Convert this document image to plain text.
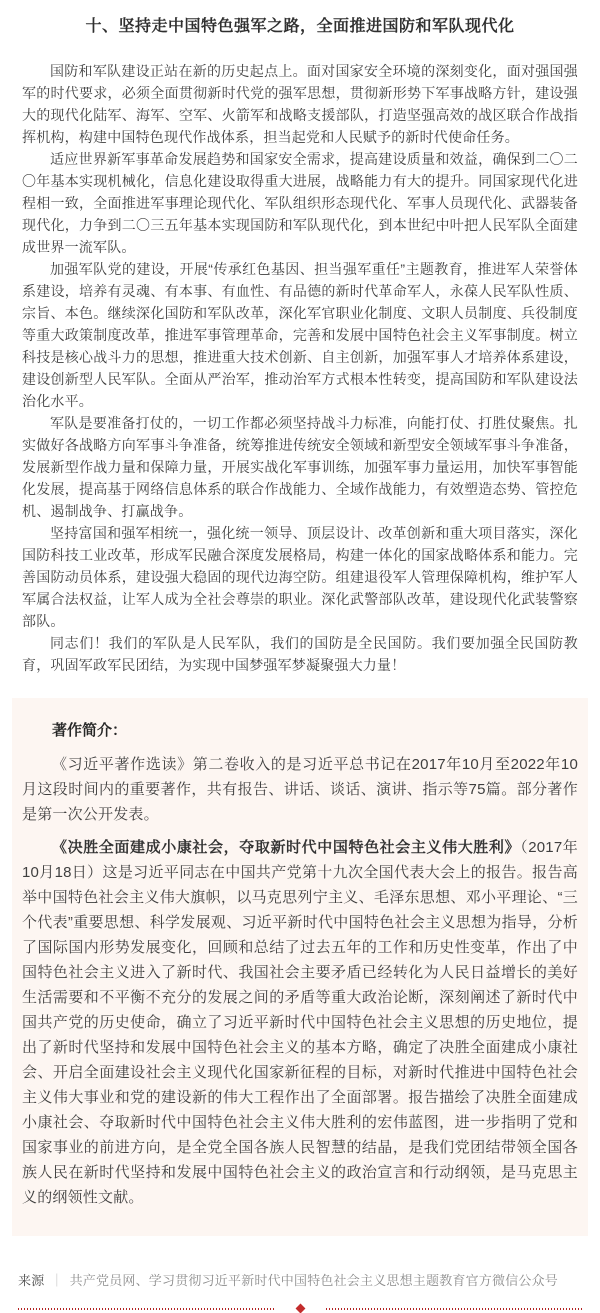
十、坚持走中国特色强军之路，全面推进国防和军队现代化

国防和军队建设正站在新的历史起点上。面对国家安全环境的深刻变化，面对强国强军的时代要求，必须全面贯彻新时代党的强军思想，贯彻新形势下军事战略方针，建设强大的现代化陆军、海军、空军、火箭军和战略支援部队，打造坚强高效的战区联合作战指挥机构，构建中国特色现代作战体系，担当起党和人民赋予的新时代使命任务。

适应世界新军事革命发展趋势和国家安全需求，提高建设质量和效益，确保到二〇二〇年基本实现机械化，信息化建设取得重大进展，战略能力有大的提升。同国家现代化进程相一致，全面推进军事理论现代化、军队组织形态现代化、军事人员现代化、武器装备现代化，力争到二〇三五年基本实现国防和军队现代化，到本世纪中叶把人民军队全面建成世界一流军队。

加强军队党的建设，开展“传承红色基因、担当强军重任”主题教育，推进军人荣誉体系建设，培养有灵魂、有本事、有血性、有品德的新时代革命军人，永葆人民军队性质、宗旨、本色。继续深化国防和军队改革，深化军官职业化制度、文职人员制度、兵役制度等重大政策制度改革，推进军事管理革命，完善和发展中国特色社会主义军事制度。树立科技是核心战斗力的思想，推进重大技术创新、自主创新，加强军事人才培养体系建设，建设创新型人民军队。全面从严治军，推动治军方式根本性转变，提高国防和军队建设法治化水平。

军队是要准备打仗的，一切工作都必须坚持战斗力标准，向能打仗、打胜仗聚焦。扎实做好各战略方向军事斗争准备，统筹推进传统安全领域和新型安全领域军事斗争准备，发展新型作战力量和保障力量，开展实战化军事训练，加强军事力量运用，加快军事智能化发展，提高基于网络信息体系的联合作战能力、全域作战能力，有效塑造态势、管控危机、遏制战争、打赢战争。

坚持富国和强军相统一，强化统一领导、顶层设计、改革创新和重大项目落实，深化国防科技工业改革，形成军民融合深度发展格局，构建一体化的国家战略体系和能力。完善国防动员体系，建设强大稳固的现代边海空防。组建退役军人管理保障机构，维护军人军属合法权益，让军人成为全社会尊崇的职业。深化武警部队改革，建设现代化武装警察部队。

同志们！我们的军队是人民军队，我们的国防是全民国防。我们要加强全民国防教育，巩固军政军民团结，为实现中国梦强军梦凝聚强大力量！

著作简介：

《习近平著作选读》第二卷收入的是习近平总书记在2017年10月至2022年10月这段时间内的重要著作，共有报告、讲话、谈话、演讲、指示等75篇。部分著作是第一次公开发表。

《决胜全面建成小康社会，夺取新时代中国特色社会主义伟大胜利》（2017年10月18日）这是习近平同志在中国共产党第十九次全国代表大会上的报告。报告高举中国特色社会主义伟大旗帜，以马克思列宁主义、毛泽东思想、邓小平理论、“三个代表”重要思想、科学发展观、习近平新时代中国特色社会主义思想为指导，分析了国际国内形势发展变化，回顾和总结了过去五年的工作和历史性变革，作出了中国特色社会主义进入了新时代、我国社会主要矛盾已经转化为人民日益增长的美好生活需要和不平衡不充分的发展之间的矛盾等重大政治论断，深刻阐述了新时代中国共产党的历史使命，确立了习近平新时代中国特色社会主义思想的历史地位，提出了新时代坚持和发展中国特色社会主义的基本方略，确定了决胜全面建成小康社会、开启全面建设社会主义现代化国家新征程的目标，对新时代推进中国特色社会主义伟大事业和党的建设新的伟大工程作出了全面部署。报告描绘了决胜全面建成小康社会、夺取新时代中国特色社会主义伟大胜利的宏伟蓝图，进一步指明了党和国家事业的前进方向，是全党全国各族人民智慧的结晶，是我们党团结带领全国各族人民在新时代坚持和发展中国特色社会主义的政治宣言和行动纲领，是马克思主义的纲领性文献。

来源 ｜ 共产党员网、学习贯彻习近平新时代中国特色社会主义思想主题教育官方微信公众号
